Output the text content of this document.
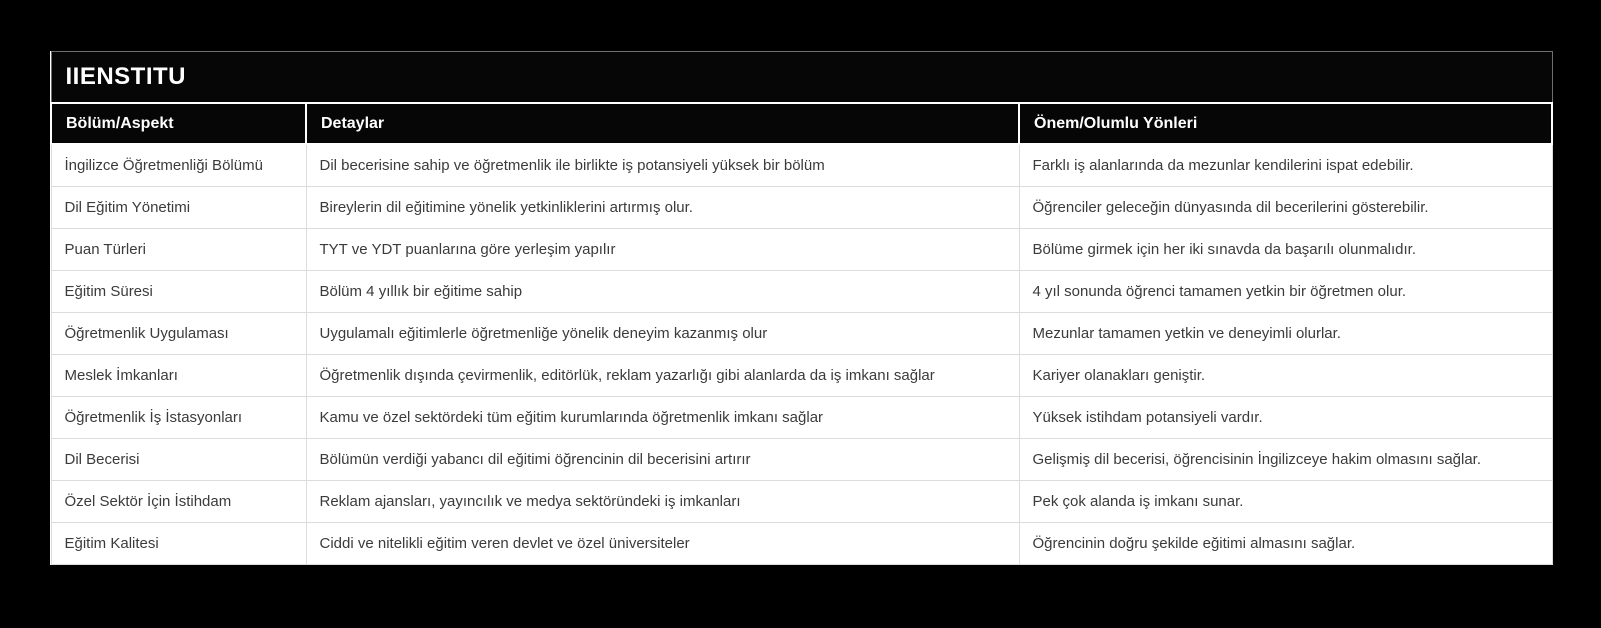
IIENSTITU		
Bölüm/Aspekt	Detaylar	Önem/Olumlu Yönleri
İngilizce Öğretmenliği Bölümü	Dil becerisine sahip ve öğretmenlik ile birlikte iş potansiyeli yüksek bir bölüm	Farklı iş alanlarında da mezunlar kendilerini ispat edebilir.
Dil Eğitim Yönetimi	Bireylerin dil eğitimine yönelik yetkinliklerini artırmış olur.	Öğrenciler geleceğin dünyasında dil becerilerini gösterebilir.
Puan Türleri	TYT ve YDT puanlarına göre yerleşim yapılır	Bölüme girmek için her iki sınavda da başarılı olunmalıdır.
Eğitim Süresi	Bölüm 4 yıllık bir eğitime sahip	4 yıl sonunda öğrenci tamamen yetkin bir öğretmen olur.
Öğretmenlik Uygulaması	Uygulamalı eğitimlerle öğretmenliğe yönelik deneyim kazanmış olur	Mezunlar tamamen yetkin ve deneyimli olurlar.
Meslek İmkanları	Öğretmenlik dışında çevirmenlik, editörlük, reklam yazarlığı gibi alanlarda da iş imkanı sağlar	Kariyer olanakları geniştir.
Öğretmenlik İş İstasyonları	Kamu ve özel sektördeki tüm eğitim kurumlarında öğretmenlik imkanı sağlar	Yüksek istihdam potansiyeli vardır.
Dil Becerisi	Bölümün verdiği yabancı dil eğitimi öğrencinin dil becerisini artırır	Gelişmiş dil becerisi, öğrencisinin İngilizceye hakim olmasını sağlar.
Özel Sektör İçin İstihdam	Reklam ajansları, yayıncılık ve medya sektöründeki iş imkanları	Pek çok alanda iş imkanı sunar.
Eğitim Kalitesi	Ciddi ve nitelikli eğitim veren devlet ve özel üniversiteler	Öğrencinin doğru şekilde eğitimi almasını sağlar.
